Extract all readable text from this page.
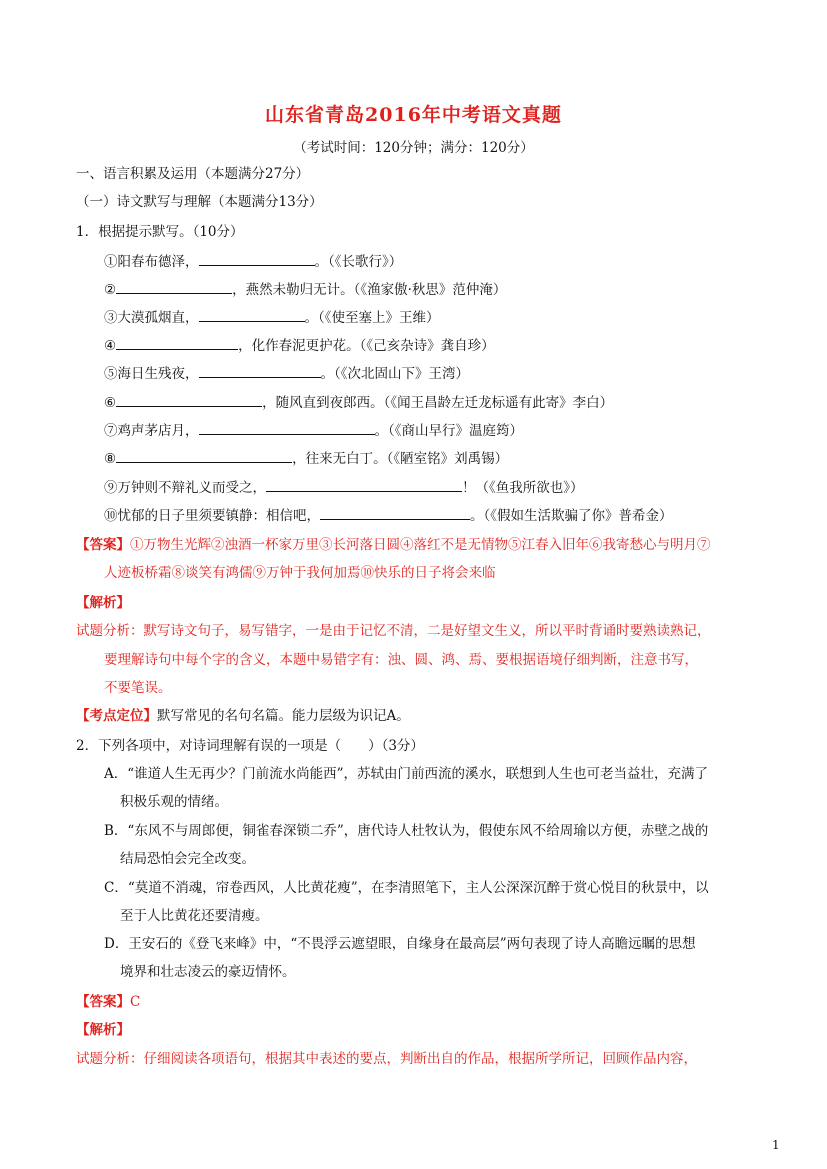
山东省青岛2016年中考语文真题
（考试时间：120分钟；满分：120分）
一、语言积累及运用（本题满分27分）
（一）诗文默写与理解（本题满分13分）
1．根据提示默写。（10分）
①阳春布德泽，	。（《长歌行》）
②	，燕然未勒归无计。（《渔家傲·秋思》范仲淹）
③大漠孤烟直，	。（《使至塞上》王维）
④	，化作春泥更护花。（《己亥杂诗》龚自珍）
⑤海日生残夜，	。（《次北固山下》王湾）
⑥	，随风直到夜郎西。（《闻王昌龄左迁龙标遥有此寄》李白）
⑦鸡声茅店月，	。（《商山早行》温庭筠）
⑧	，往来无白丁。（《陋室铭》刘禹锡）
⑨万钟则不辩礼义而受之，	！（《鱼我所欲也》）
⑩忧郁的日子里须要镇静：相信吧，	。（《假如生活欺骗了你》普希金）
【答案】①万物生光辉②浊酒一杯家万里③长河落日圆④落红不是无情物⑤江春入旧年⑥我寄愁心与明月⑦
人迹板桥霜⑧谈笑有鸿儒⑨万钟于我何加焉⑩快乐的日子将会来临
【解析】
试题分析：默写诗文句子，易写错字，一是由于记忆不清，二是好望文生义，所以平时背诵时要熟读熟记，
要理解诗句中每个字的含义，本题中易错字有：浊、圆、鸿、焉、要根据语境仔细判断，注意书写，
不要笔误。
【考点定位】默写常见的名句名篇。能力层级为识记A。
2．下列各项中，对诗词理解有误的一项是（　　）（3分）
A．“谁道人生无再少？门前流水尚能西”，苏轼由门前西流的溪水，联想到人生也可老当益壮，充满了
积极乐观的情绪。
B．“东风不与周郎便，铜雀春深锁二乔”，唐代诗人杜牧认为，假使东风不给周瑜以方便，赤壁之战的
结局恐怕会完全改变。
C．“莫道不消魂，帘卷西风，人比黄花瘦”，在李清照笔下，主人公深深沉醉于赏心悦目的秋景中，以
至于人比黄花还要清瘦。
D．王安石的《登飞来峰》中，“不畏浮云遮望眼，自缘身在最高层”两句表现了诗人高瞻远瞩的思想
境界和壮志凌云的豪迈情怀。
【答案】C
【解析】
试题分析：仔细阅读各项语句，根据其中表述的要点，判断出自的作品，根据所学所记，回顾作品内容，
1
